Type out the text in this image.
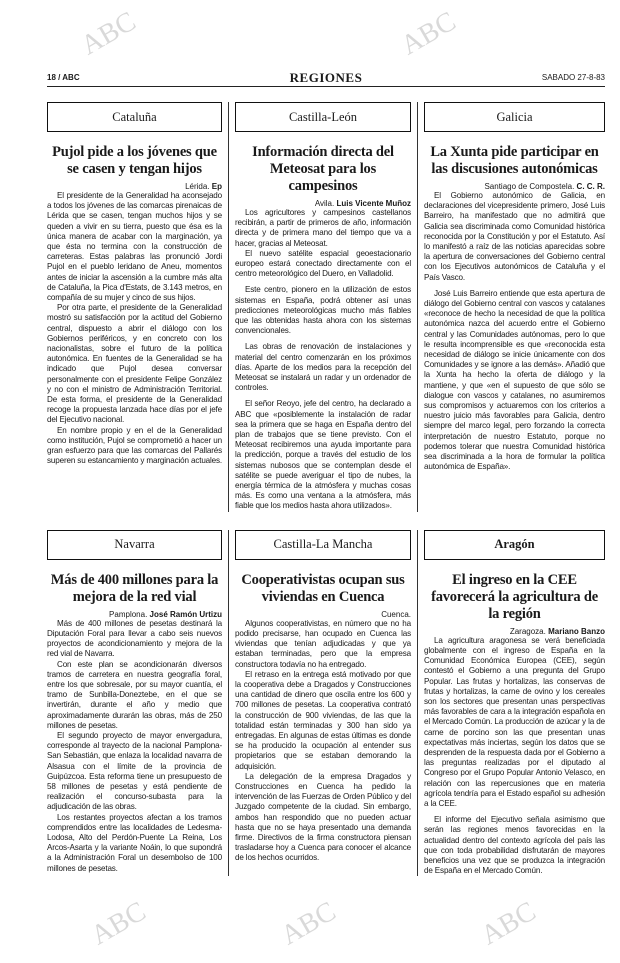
ABC	ABC
18 / ABC	REGIONES	SABADO 27-8-83
Cataluña
Pujol pide a los jóvenes que se casen y tengan hijos
Lérida. Ep

El presidente de la Generalidad ha aconsejado a todos los jóvenes de las comarcas pirenaicas de Lérida que se casen, tengan muchos hijos y se queden a vivir en su tierra, puesto que ésa es la única manera de acabar con la marginación, ya que ésta no termina con la construcción de carreteras. Estas palabras las pronunció Jordi Pujol en el pueblo leridano de Aneu, momentos antes de iniciar la ascensión a la cumbre más alta de Cataluña, la Pica d'Estats, de 3.143 metros, en compañía de su mujer y cinco de sus hijos.

Por otra parte, el presidente de la Generalidad mostró su satisfacción por la actitud del Gobierno central, dispuesto a abrir el diálogo con los Gobiernos periféricos, y en concreto con los nacionalistas, sobre el futuro de la política autonómica. En fuentes de la Generalidad se ha indicado que Pujol desea conversar personalmente con el presidente Felipe González y no con el ministro de Administración Territorial. De esta forma, el presidente de la Generalidad recoge la propuesta lanzada hace días por el jefe del Ejecutivo nacional.

En nombre propio y en el de la Generalidad como institución, Pujol se comprometió a hacer un gran esfuerzo para que las comarcas del Pallarés superen su estancamiento y marginación actuales.

Castilla-León
Información directa del Meteosat para los campesinos
Avila. Luis Vicente Muñoz

Los agricultores y campesinos castellanos recibirán, a partir de primeros de año, información directa y de primera mano del tiempo que va a hacer, gracias al Meteosat.

El nuevo satélite espacial geoestacionario europeo estará conectado directamente con el centro meteorológico del Duero, en Valladolid.

Este centro, pionero en la utilización de estos sistemas en España, podrá obtener así unas predicciones meteorológicas mucho más fiables que las obtenidas hasta ahora con los sistemas convencionales.

Las obras de renovación de instalaciones y material del centro comenzarán en los próximos días. Aparte de los medios para la recepción del Meteosat se instalará un radar y un ordenador de controles.

El señor Reoyo, jefe del centro, ha declarado a ABC que «posiblemente la instalación de radar sea la primera que se haga en España dentro del plan de trabajos que se tiene previsto. Con el Meteosat recibiremos una ayuda importante para la predicción, porque a través del estudio de los sistemas nubosos que se contemplan desde el satélite se puede averiguar el tipo de nubes, la energía térmica de la atmósfera y muchas cosas más. Es como una ventana a la atmósfera, más fiable que los medios hasta ahora utilizados».

Galicia
La Xunta pide participar en las discusiones autonómicas
Santiago de Compostela. C. C. R.

El Gobierno autonómico de Galicia, en declaraciones del vicepresidente primero, José Luis Barreiro, ha manifestado que no admitirá que Galicia sea discriminada como Comunidad histórica reconocida por la Constitución y por el Estatuto. Así lo manifestó a raíz de las noticias aparecidas sobre la apertura de conversaciones del Gobierno central con los Ejecutivos autonómicos de Cataluña y el País Vasco.

José Luis Barreiro entiende que esta apertura de diálogo del Gobierno central con vascos y catalanes «reconoce de hecho la necesidad de que la política autonómica nazca del acuerdo entre el Gobierno central y las Comunidades autónomas, pero lo que le resulta incomprensible es que «reconocida esta necesidad de diálogo se inicie únicamente con dos Comunidades y se ignore a las demás». Añadió que la Xunta ha hecho la oferta de diálogo y la mantiene, y que «en el supuesto de que sólo se dialogue con vascos y catalanes, no asumiremos sus compromisos y actuaremos con los criterios a nuestro juicio más favorables para Galicia, dentro siempre del marco legal, pero forzando la correcta interpretación de nuestro Estatuto, porque no podemos tolerar que nuestra Comunidad histórica sea discriminada a la hora de formular la política autonómica de España».

Navarra
Más de 400 millones para la mejora de la red vial
Pamplona. José Ramón Urtizu

Más de 400 millones de pesetas destinará la Diputación Foral para llevar a cabo seis nuevos proyectos de acondicionamiento y mejora de la red vial de Navarra.

Con este plan se acondicionarán diversos tramos de carretera en nuestra geografía foral, entre los que sobresale, por su mayor cuantía, el tramo de Sunbilla-Doneztebe, en el que se invertirán, durante el año y medio que aproximadamente durarán las obras, más de 250 millones de pesetas.

El segundo proyecto de mayor envergadura, corresponde al trayecto de la nacional Pamplona-San Sebastián, que enlaza la localidad navarra de Alsasua con el límite de la provincia de Guipúzcoa. Esta reforma tiene un presupuesto de 58 millones de pesetas y está pendiente de realización el concurso-subasta para la adjudicación de las obras.

Los restantes proyectos afectan a los tramos comprendidos entre las localidades de Ledesma-Lodosa, Alto del Perdón-Puente La Reina, Los Arcos-Asarta y la variante Noáin, lo que supondrá a la Administración Foral un desembolso de 100 millones de pesetas.

Castilla-La Mancha
Cooperativistas ocupan sus viviendas en Cuenca
Cuenca.

Algunos cooperativistas, en número que no ha podido precisarse, han ocupado en Cuenca las viviendas que tenían adjudicadas y que ya estaban terminadas, pero que la empresa constructora todavía no ha entregado.

El retraso en la entrega está motivado por que la cooperativa debe a Dragados y Construcciones una cantidad de dinero que oscila entre los 600 y 700 millones de pesetas. La cooperativa contrató la construcción de 900 viviendas, de las que la totalidad están terminadas y 300 han sido ya entregadas. En algunas de estas últimas es donde se ha producido la ocupación al entender sus propietarios que se estaban demorando la adquisición.

La delegación de la empresa Dragados y Construcciones en Cuenca ha pedido la intervención de las Fuerzas de Orden Público y del Juzgado competente de la ciudad. Sin embargo, ambos han respondido que no pueden actuar hasta que no se haya presentado una demanda firme. Directivos de la firma constructora piensan trasladarse hoy a Cuenca para conocer el alcance de los hechos ocurridos.

Aragón
El ingreso en la CEE favorecerá la agricultura de la región
Zaragoza. Mariano Banzo

La agricultura aragonesa se verá beneficiada globalmente con el ingreso de España en la Comunidad Económica Europea (CEE), según contestó el Gobierno a una pregunta del Grupo Popular. Las frutas y hortalizas, las conservas de frutas y hortalizas, la carne de ovino y los cereales son los sectores que presentan unas perspectivas más favorables de cara a la integración española en el Mercado Común. La producción de azúcar y la de carne de porcino son las que presentan unas expectativas más inciertas, según los datos que se desprenden de la respuesta dada por el Gobierno a las preguntas realizadas por el diputado al Congreso por el Grupo Popular Antonio Velasco, en relación con las repercusiones que en materia agrícola tendría para el Estado español su adhesión a la CEE.

El informe del Ejecutivo señala asimismo que serán las regiones menos favorecidas en la actualidad dentro del contexto agrícola del país las que con toda probabilidad disfrutarán de mayores beneficios una vez que se produzca la integración de España en el Mercado Común.

ABC	ABC	ABC
